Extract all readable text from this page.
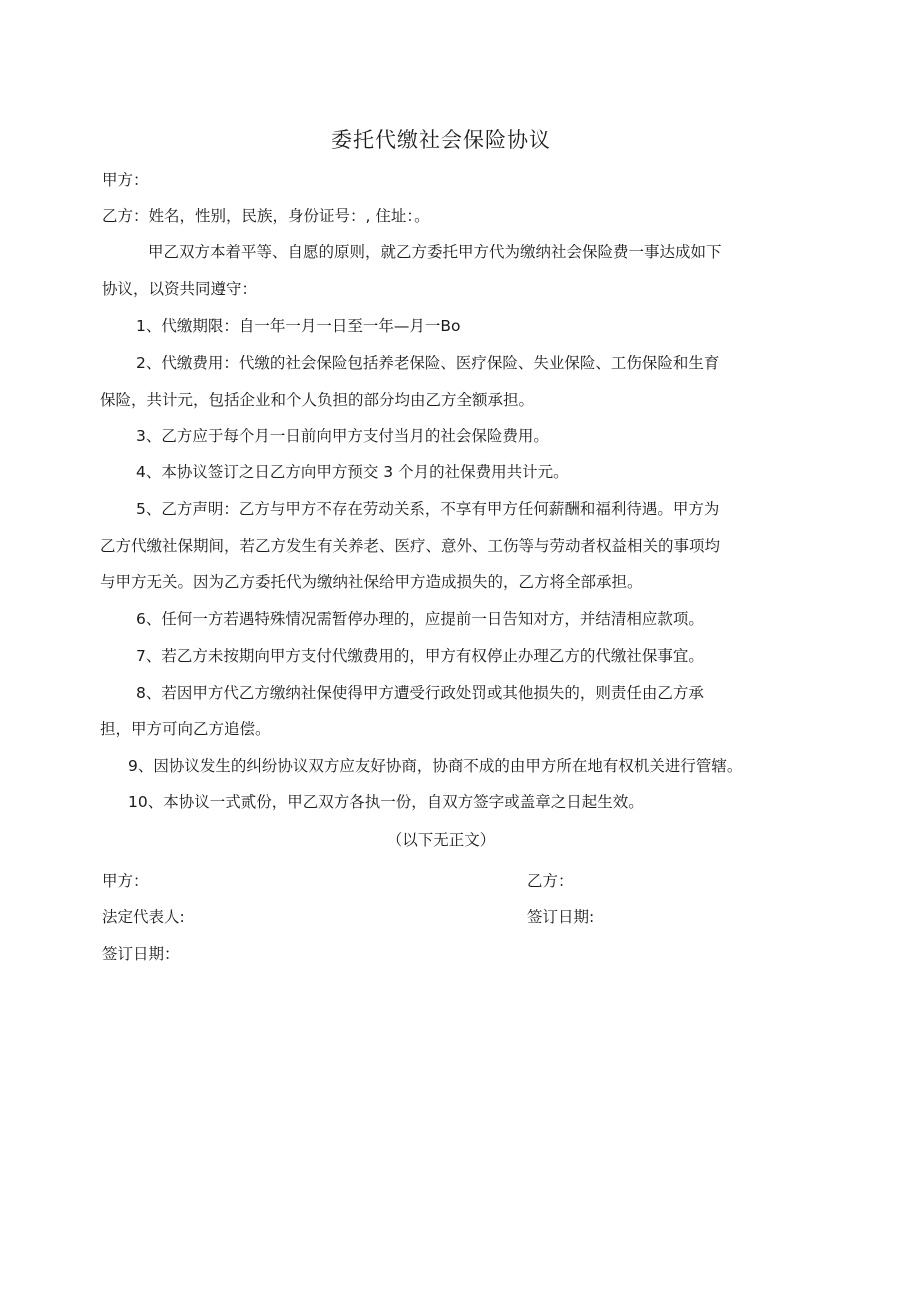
委托代缴社会保险协议
甲方：
乙方：姓名，性别，民族，身份证号：, 住址：。
甲乙双方本着平等、自愿的原则，就乙方委托甲方代为缴纳社会保险费一事达成如下
协议，以资共同遵守：
1、代缴期限：自一年一月一日至一年—月一Bo
2、代缴费用：代缴的社会保险包括养老保险、医疗保险、失业保险、工伤保险和生育
保险，共计元，包括企业和个人负担的部分均由乙方全额承担。
3、乙方应于每个月一日前向甲方支付当月的社会保险费用。
4、本协议签订之日乙方向甲方预交 3 个月的社保费用共计元。
5、乙方声明：乙方与甲方不存在劳动关系，不享有甲方任何薪酬和福利待遇。甲方为
乙方代缴社保期间，若乙方发生有关养老、医疗、意外、工伤等与劳动者权益相关的事项均
与甲方无关。因为乙方委托代为缴纳社保给甲方造成损失的，乙方将全部承担。
6、任何一方若遇特殊情况需暂停办理的，应提前一日告知对方，并结清相应款项。
7、若乙方未按期向甲方支付代缴费用的，甲方有权停止办理乙方的代缴社保事宜。
8、若因甲方代乙方缴纳社保使得甲方遭受行政处罚或其他损失的，则责任由乙方承
担，甲方可向乙方追偿。
9、因协议发生的纠纷协议双方应友好协商，协商不成的由甲方所在地有权机关进行管辖。
10、本协议一式贰份，甲乙双方各执一份，自双方签字或盖章之日起生效。
（以下无正文）
甲方：	乙方：
法定代表人:	签订日期:
签订日期：
